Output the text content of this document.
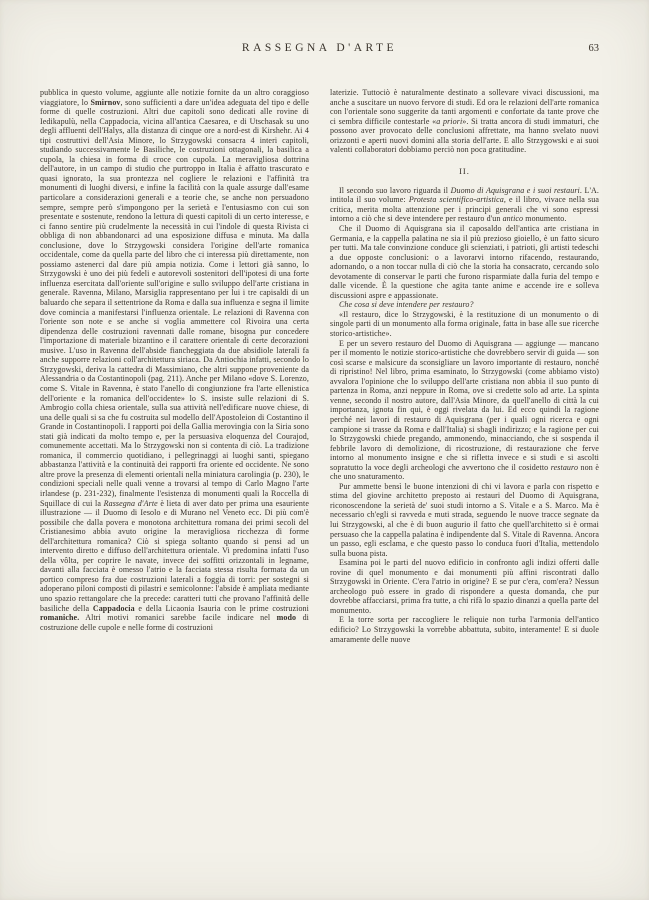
RASSEGNA D'ARTE	63

pubblica in questo volume, aggiunte alle notizie fornite da un altro coraggioso viaggiatore, lo Smirnov, sono sufficienti a dare un'idea adeguata del tipo e delle forme di quelle costruzioni. Altri due capitoli sono dedicati alle rovine di Iedikapulù, nella Cappadocia, vicina all'antica Caesarea, e di Utschasak su uno degli affluenti dell'Halys, alla distanza di cinque ore a nord-est di Kirshehr. Ai 4 tipi costruttivi dell'Asia Minore, lo Strzygowski consacra 4 interi capitoli, studiando successivamente le Basiliche, le costruzioni ottagonali, la basilica a cupola, la chiesa in forma di croce con cupola. La meravigliosa dottrina dell'autore, in un campo di studio che purtroppo in Italia è affatto trascurato e quasi ignorato, la sua prontezza nel cogliere le relazioni e l'affinità tra monumenti di luoghi diversi, e infine la facilità con la quale assurge dall'esame particolare a considerazioni generali e a teorie che, se anche non persuadono sempre, sempre però s'impongono per la serietà e l'entusiasmo con cui son presentate e sostenute, rendono la lettura di questi capitoli di un certo interesse, e ci fanno sentire più crudelmente la necessità in cui l'indole di questa Rivista ci obbliga di non abbandonarci ad una esposizione diffusa e minuta. Ma dalla conclusione, dove lo Strzygowski considera l'origine dell'arte romanica occidentale, come da quella parte del libro che ci interessa più direttamente, non possiamo astenerci dal dare più ampia notizia. Come i lettori già sanno, lo Strzygowski è uno dei più fedeli e autorevoli sostenitori dell'ipotesi di una forte influenza esercitata dall'oriente sull'origine e sullo sviluppo dell'arte cristiana in generale. Ravenna, Milano, Marsiglia rappresentano per lui i tre capisaldi di un baluardo che separa il settentrione da Roma e dalla sua influenza e segna il limite dove comincia a manifestarsi l'influenza orientale. Le relazioni di Ravenna con l'oriente son note e se anche si voglia ammettere col Rivoira una certa dipendenza delle costruzioni ravennati dalle romane, bisogna pur concedere l'importazione di materiale bizantino e il carattere orientale di certe decorazioni musive. L'uso in Ravenna dell'abside fiancheggiata da due absidiole laterali fa anche supporre relazioni coll'architettura siriaca. Da Antiochia infatti, secondo lo Strzygowski, deriva la cattedra di Massimiano, che altri suppone proveniente da Alessandria o da Costantinopoli (pag. 211). Anche per Milano «dove S. Lorenzo, come S. Vitale in Ravenna, è stato l'anello di congiunzione fra l'arte ellenistica dell'oriente e la romanica dell'occidente» lo S. insiste sulle relazioni di S. Ambrogio colla chiesa orientale, sulla sua attività nell'edificare nuove chiese, di una delle quali si sa che fu costruita sul modello dell'Apostoleion di Costantino il Grande in Costantinopoli. I rapporti poi della Gallia merovingia con la Siria sono stati già indicati da molto tempo e, per la persuasiva eloquenza del Courajod, comunemente accettati. Ma lo Strzygowski non si contenta di ciò. La tradizione romanica, il commercio quotidiano, i pellegrinaggi ai luoghi santi, spiegano abbastanza l'attività e la continuità dei rapporti fra oriente ed occidente. Ne sono altre prove la presenza di elementi orientali nella miniatura carolingia (p. 230), le condizioni speciali nelle quali venne a trovarsi al tempo di Carlo Magno l'arte irlandese (p. 231-232), finalmente l'esistenza di monumenti quali la Roccella di Squillace di cui la Rassegna d'Arte è lieta di aver dato per prima una esauriente illustrazione — il Duomo di Iesolo e di Murano nel Veneto ecc. Di più com'è possibile che dalla povera e monotona architettura romana dei primi secoli del Cristianesimo abbia avuto origine la meravigliosa ricchezza di forme dell'architettura romanica? Ciò si spiega soltanto quando si pensi ad un intervento diretto e diffuso dell'architettura orientale. Vi predomina infatti l'uso della vôlta, per coprire le navate, invece dei soffitti orizzontali in legname, davanti alla facciata è omesso l'atrio e la facciata stessa risulta formata da un portico compreso fra due costruzioni laterali a foggia di torri: per sostegni si adoperano piloni composti di pilastri e semicolonne: l'abside è ampliata mediante uno spazio rettangolare che la precede: caratteri tutti che provano l'affinità delle basiliche della Cappadocia e della Licaonia Isauria con le prime costruzioni romaniche. Altri motivi romanici sarebbe facile indicare nel modo di costruzione delle cupole e nelle forme di costruzioni

laterizie. Tuttociò è naturalmente destinato a sollevare vivaci discussioni, ma anche a suscitare un nuovo fervore di studi. Ed ora le relazioni dell'arte romanica con l'orientale sono suggerite da tanti argomenti e confortate da tante prove che ci sembra difficile contestarle «a priori». Si tratta ancora di studi immaturi, che possono aver provocato delle conclusioni affrettate, ma hanno svelato nuovi orizzonti e aperti nuovi domini alla storia dell'arte. E allo Strzygowski e ai suoi valenti collaboratori dobbiamo perciò non poca gratitudine.

II.

Il secondo suo lavoro riguarda il Duomo di Aquisgrana e i suoi restauri. L'A. intitola il suo volume: Protesta scientifico-artistica, e il libro, vivace nella sua critica, merita molta attenzione per i principi generali che vi sono espressi intorno a ciò che si deve intendere per restauro d'un antico monumento.

Che il Duomo di Aquisgrana sia il caposaldo dell'antica arte cristiana in Germania, e la cappella palatina ne sia il più prezioso gioiello, è un fatto sicuro per tutti. Ma tale convinzione conduce gli scienziati, i patrioti, gli artisti tedeschi a due opposte conclusioni: o a lavorarvi intorno rifacendo, restaurando, adornando, o a non toccar nulla di ciò che la storia ha consacrato, cercando solo devotamente di conservar le parti che furono risparmiate dalla furia del tempo e dalle vicende. È la questione che agita tante anime e accende ire e solleva discussioni aspre e appassionate.

Che cosa si deve intendere per restauro?

«Il restauro, dice lo Strzygowski, è la restituzione di un monumento o di singole parti di un monumento alla forma originale, fatta in base alle sue ricerche storico-artistiche».

E per un severo restauro del Duomo di Aquisgrana — aggiunge — mancano per il momento le notizie storico-artistiche che dovrebbero servir di guida — son così scarse e malsicure da sconsigliare un lavoro importante di restauro, nonché di ripristino! Nel libro, prima esaminato, lo Strzygowski (come abbiamo visto) avvalora l'opinione che lo sviluppo dell'arte cristiana non abbia il suo punto di partenza in Roma, anzi neppure in Roma, ove si credette solo ad arte. La spinta venne, secondo il nostro autore, dall'Asia Minore, da quell'anello di città la cui importanza, ignota fin qui, è oggi rivelata da lui. Ed ecco quindi la ragione perché nei lavori di restauro di Aquisgrana (per i quali ogni ricerca e ogni campione si trasse da Roma e dall'Italia) si sbagli indirizzo; e la ragione per cui lo Strzygowski chiede pregando, ammonendo, minacciando, che si sospenda il febbrile lavoro di demolizione, di ricostruzione, di restaurazione che ferve intorno al monumento insigne e che si rifletta invece e si studi e si ascolti sopratutto la voce degli archeologi che avvertono che il cosidetto restauro non è che uno snaturamento.

Pur ammette bensì le buone intenzioni di chi vi lavora e parla con rispetto e stima del giovine architetto preposto ai restauri del Duomo di Aquisgrana, riconoscendone la serietà de' suoi studi intorno a S. Vitale e a S. Marco. Ma è necessario ch'egli si ravveda e muti strada, seguendo le nuove tracce segnate da lui Strzygowski, al che è di buon augurio il fatto che quell'architetto si è ormai persuaso che la cappella palatina è indipendente dal S. Vitale di Ravenna. Ancora un passo, egli esclama, e che questo passo lo conduca fuori d'Italia, mettendolo sulla buona pista.

Esamina poi le parti del nuovo edificio in confronto agli indizi offerti dalle rovine di quel monumento e dai monumenti più affini riscontrati dallo Strzygowski in Oriente. C'era l'atrio in origine? E se pur c'era, com'era? Nessun archeologo può essere in grado di rispondere a questa domanda, che pur dovrebbe affacciarsi, prima fra tutte, a chi rifà lo spazio dinanzi a quella parte del monumento.

E la torre sorta per raccogliere le reliquie non turba l'armonia dell'antico edificio? Lo Strzygowski la vorrebbe abbattuta, subito, interamente! E si duole amaramente delle nuove
